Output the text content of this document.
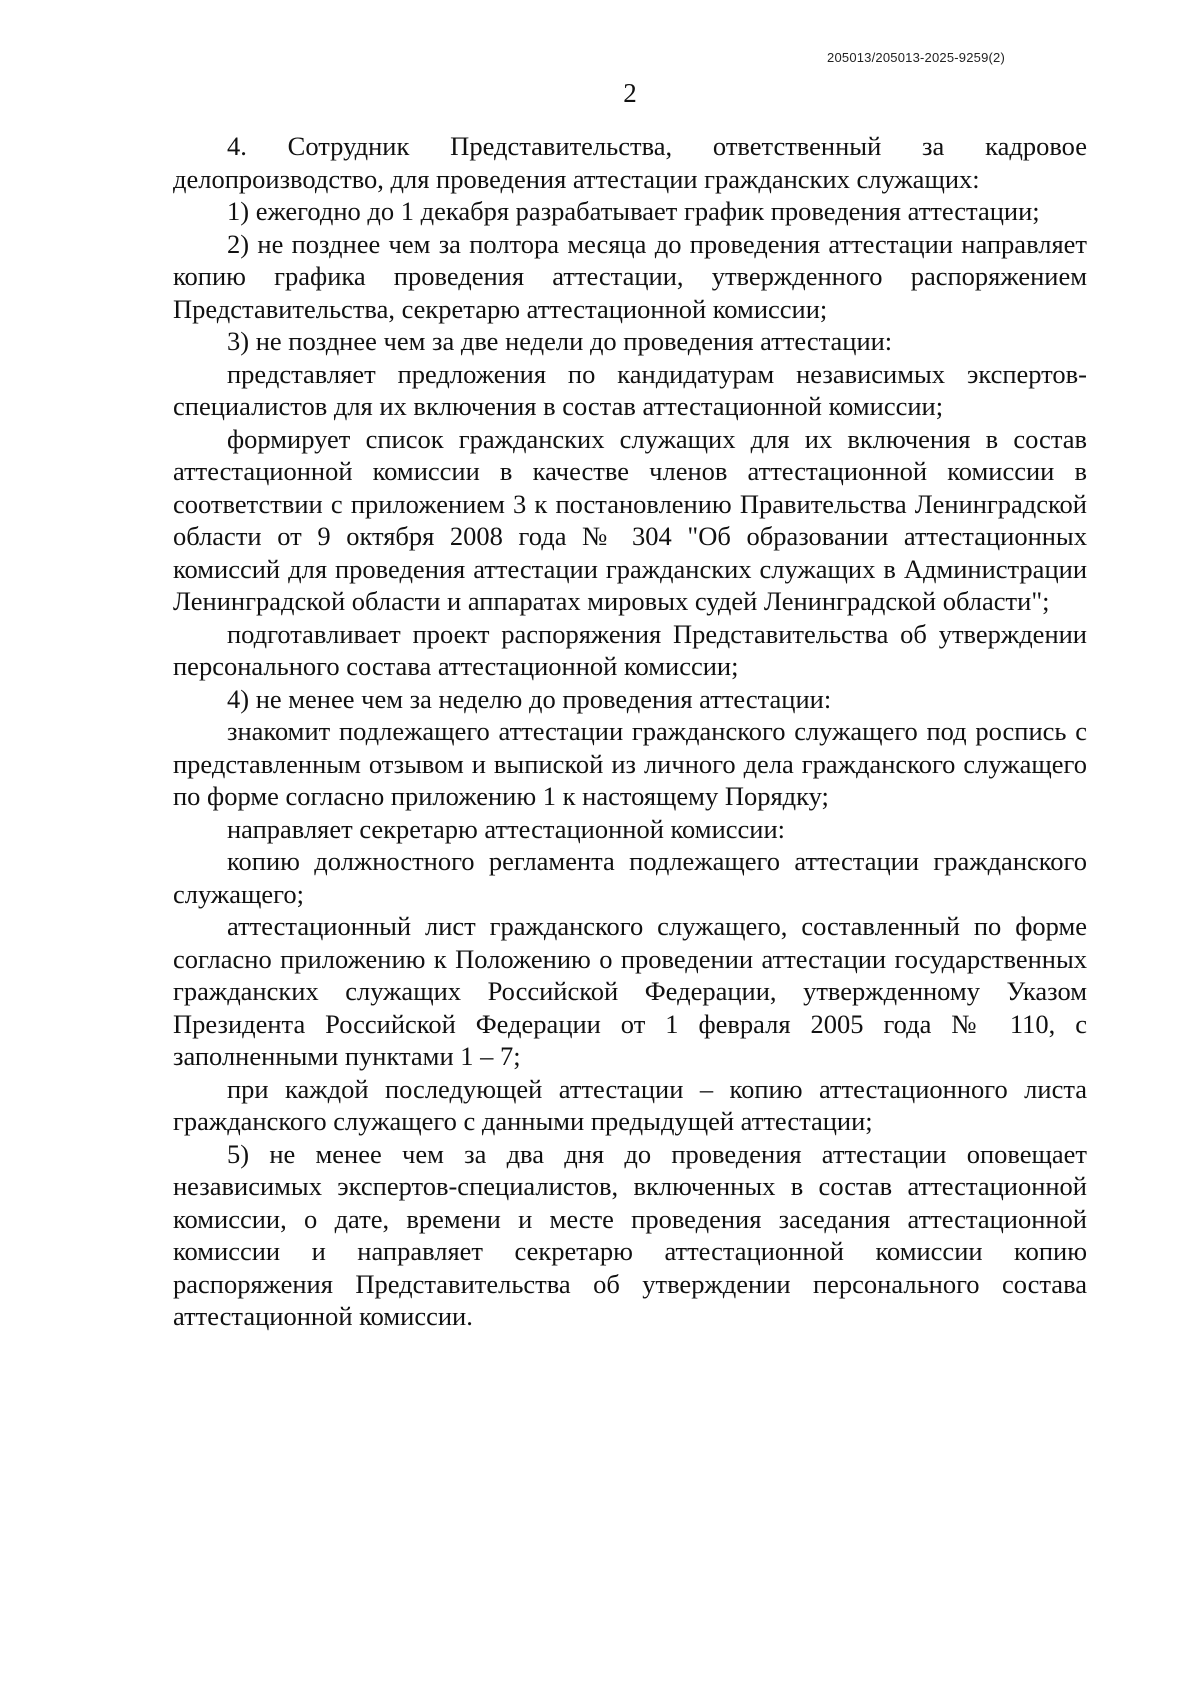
205013/205013-2025-9259(2)
2

4. Сотрудник Представительства, ответственный за кадровое делопроизводство, для проведения аттестации гражданских служащих:

1) ежегодно до 1 декабря разрабатывает график проведения аттестации;

2) не позднее чем за полтора месяца до проведения аттестации направляет копию графика проведения аттестации, утвержденного распоряжением Представительства, секретарю аттестационной комиссии;

3) не позднее чем за две недели до проведения аттестации:

представляет предложения по кандидатурам независимых экспертов-специалистов для их включения в состав аттестационной комиссии;

формирует список гражданских служащих для их включения в состав аттестационной комиссии в качестве членов аттестационной комиссии в соответствии с приложением 3 к постановлению Правительства Ленинградской области от 9 октября 2008 года № 304 "Об образовании аттестационных комиссий для проведения аттестации гражданских служащих в Администрации Ленинградской области и аппаратах мировых судей Ленинградской области";

подготавливает проект распоряжения Представительства об утверждении персонального состава аттестационной комиссии;

4) не менее чем за неделю до проведения аттестации:

знакомит подлежащего аттестации гражданского служащего под роспись с представленным отзывом и выпиской из личного дела гражданского служащего по форме согласно приложению 1 к настоящему Порядку;

направляет секретарю аттестационной комиссии:

копию должностного регламента подлежащего аттестации гражданского служащего;

аттестационный лист гражданского служащего, составленный по форме согласно приложению к Положению о проведении аттестации государственных гражданских служащих Российской Федерации, утвержденному Указом Президента Российской Федерации от 1 февраля 2005 года № 110, с заполненными пунктами 1 – 7;

при каждой последующей аттестации – копию аттестационного листа гражданского служащего с данными предыдущей аттестации;

5) не менее чем за два дня до проведения аттестации оповещает независимых экспертов-специалистов, включенных в состав аттестационной комиссии, о дате, времени и месте проведения заседания аттестационной комиссии и направляет секретарю аттестационной комиссии копию распоряжения Представительства об утверждении персонального состава аттестационной комиссии.
